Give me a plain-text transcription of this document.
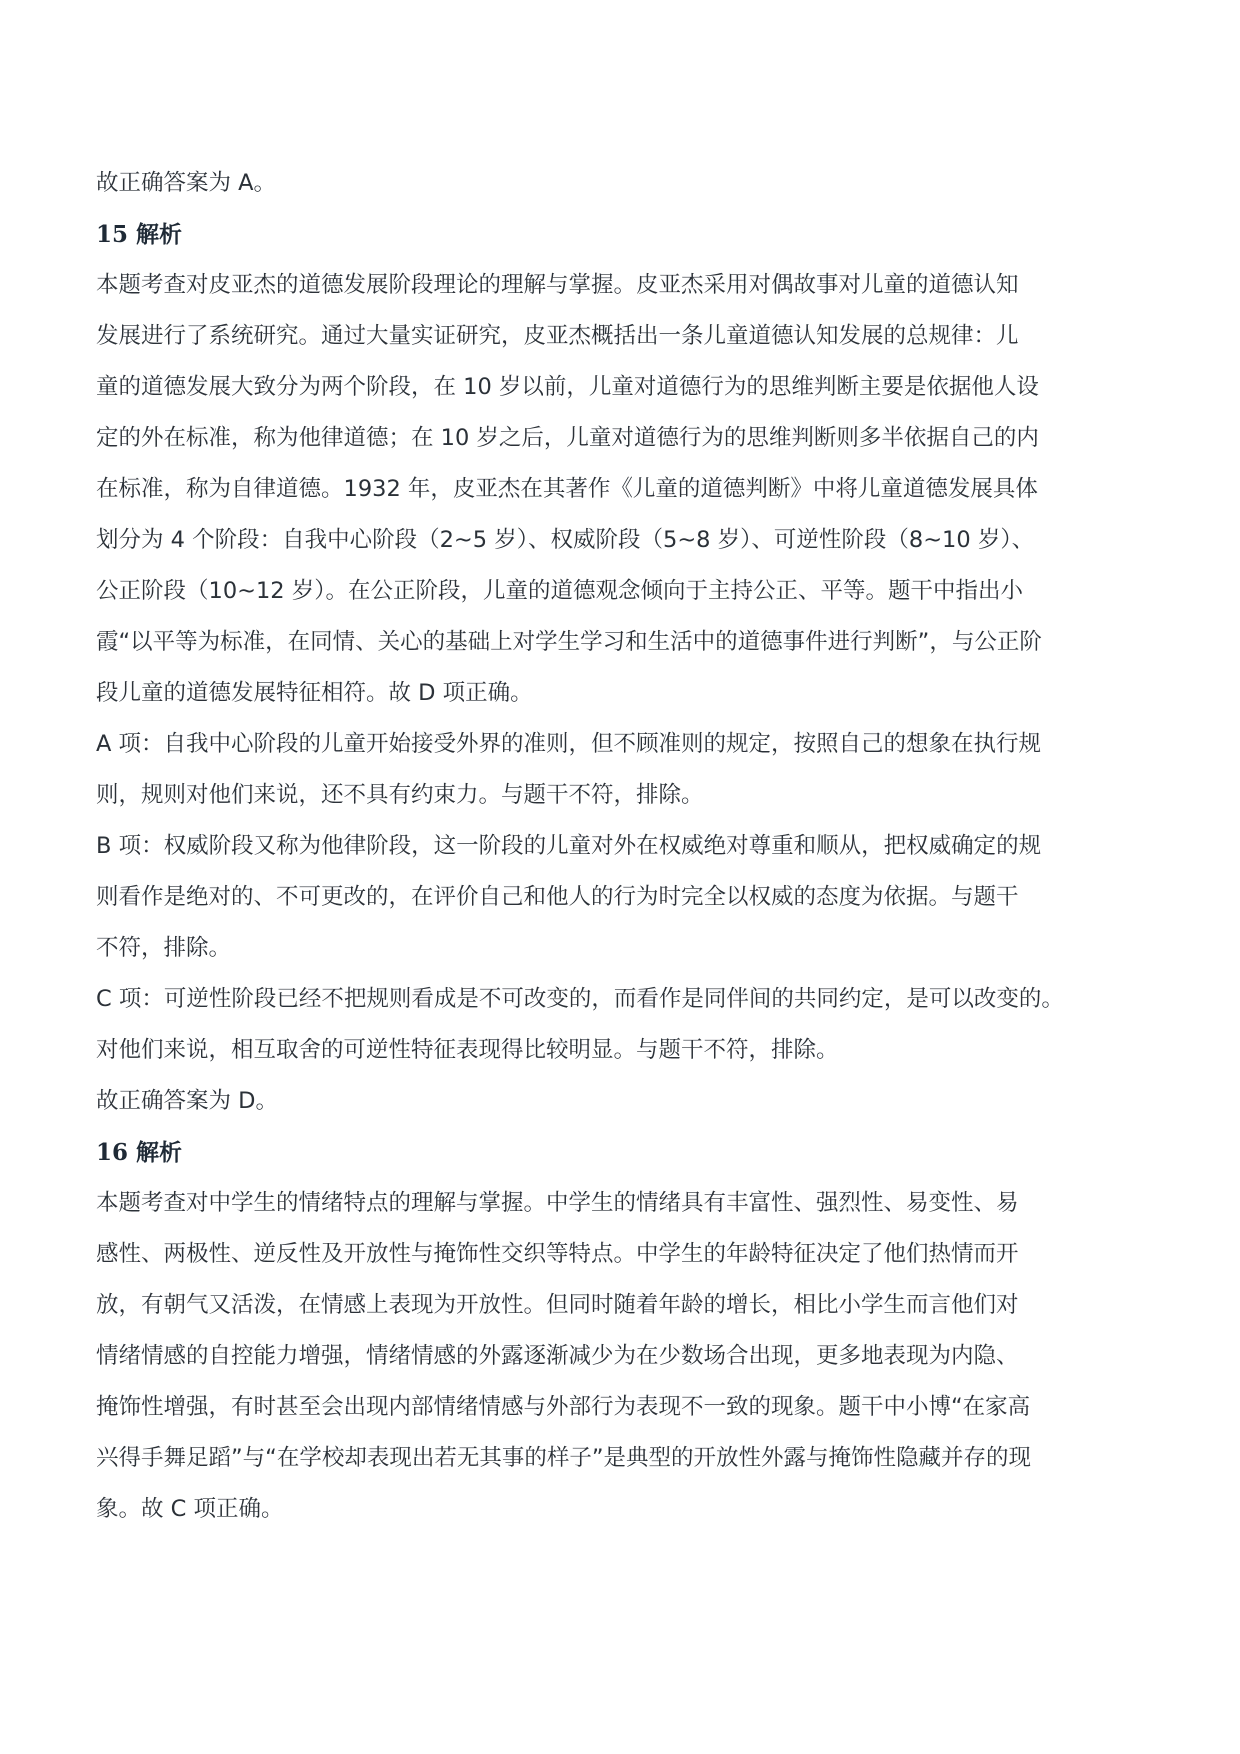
故正确答案为 A。
15 解析
本题考查对皮亚杰的道德发展阶段理论的理解与掌握。皮亚杰采用对偶故事对儿童的道德认知
发展进行了系统研究。通过大量实证研究，皮亚杰概括出一条儿童道德认知发展的总规律：儿
童的道德发展大致分为两个阶段，在 10 岁以前，儿童对道德行为的思维判断主要是依据他人设
定的外在标准，称为他律道德；在 10 岁之后，儿童对道德行为的思维判断则多半依据自己的内
在标准，称为自律道德。1932 年，皮亚杰在其著作《儿童的道德判断》中将儿童道德发展具体
划分为 4 个阶段：自我中心阶段（2~5 岁）、权威阶段（5~8 岁）、可逆性阶段（8~10 岁）、
公正阶段（10~12 岁）。在公正阶段，儿童的道德观念倾向于主持公正、平等。题干中指出小
霞“以平等为标准，在同情、关心的基础上对学生学习和生活中的道德事件进行判断”，与公正阶
段儿童的道德发展特征相符。故 D 项正确。
A 项：自我中心阶段的儿童开始接受外界的准则，但不顾准则的规定，按照自己的想象在执行规
则，规则对他们来说，还不具有约束力。与题干不符，排除。
B 项：权威阶段又称为他律阶段，这一阶段的儿童对外在权威绝对尊重和顺从，把权威确定的规
则看作是绝对的、不可更改的，在评价自己和他人的行为时完全以权威的态度为依据。与题干
不符，排除。
C 项：可逆性阶段已经不把规则看成是不可改变的，而看作是同伴间的共同约定，是可以改变的。
对他们来说，相互取舍的可逆性特征表现得比较明显。与题干不符，排除。
故正确答案为 D。
16 解析
本题考查对中学生的情绪特点的理解与掌握。中学生的情绪具有丰富性、强烈性、易变性、易
感性、两极性、逆反性及开放性与掩饰性交织等特点。中学生的年龄特征决定了他们热情而开
放，有朝气又活泼，在情感上表现为开放性。但同时随着年龄的增长，相比小学生而言他们对
情绪情感的自控能力增强，情绪情感的外露逐渐减少为在少数场合出现，更多地表现为内隐、
掩饰性增强，有时甚至会出现内部情绪情感与外部行为表现不一致的现象。题干中小博“在家高
兴得手舞足蹈”与“在学校却表现出若无其事的样子”是典型的开放性外露与掩饰性隐藏并存的现
象。故 C 项正确。
